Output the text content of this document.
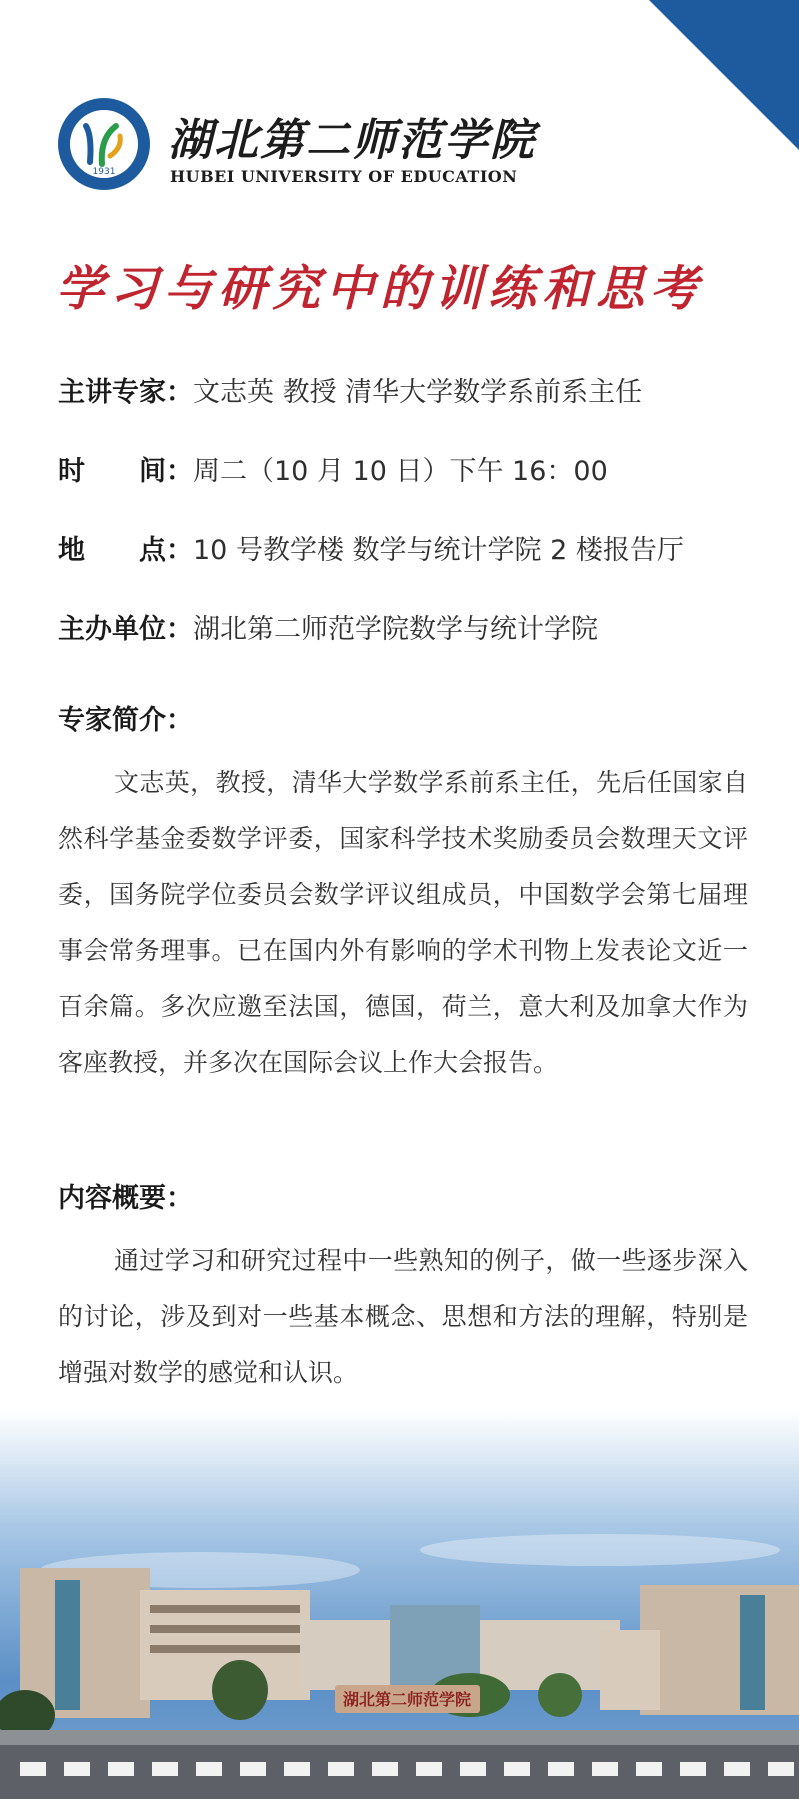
1931
湖北第二师范学院
HUBEI UNIVERSITY OF EDUCATION
学习与研究中的训练和思考
主讲专家：文志英 教授 清华大学数学系前系主任
时　　间：周二（10 月 10 日）下午 16：00
地　　点：10 号教学楼 数学与统计学院 2 楼报告厅
主办单位：湖北第二师范学院数学与统计学院
专家简介：
文志英，教授，清华大学数学系前系主任，先后任国家自然科学基金委数学评委，国家科学技术奖励委员会数理天文评委，国务院学位委员会数学评议组成员，中国数学会第七届理事会常务理事。已在国内外有影响的学术刊物上发表论文近一百余篇。多次应邀至法国，德国，荷兰，意大利及加拿大作为客座教授，并多次在国际会议上作大会报告。
内容概要：
通过学习和研究过程中一些熟知的例子，做一些逐步深入的讨论，涉及到对一些基本概念、思想和方法的理解，特别是增强对数学的感觉和认识。
湖北第二师范学院
